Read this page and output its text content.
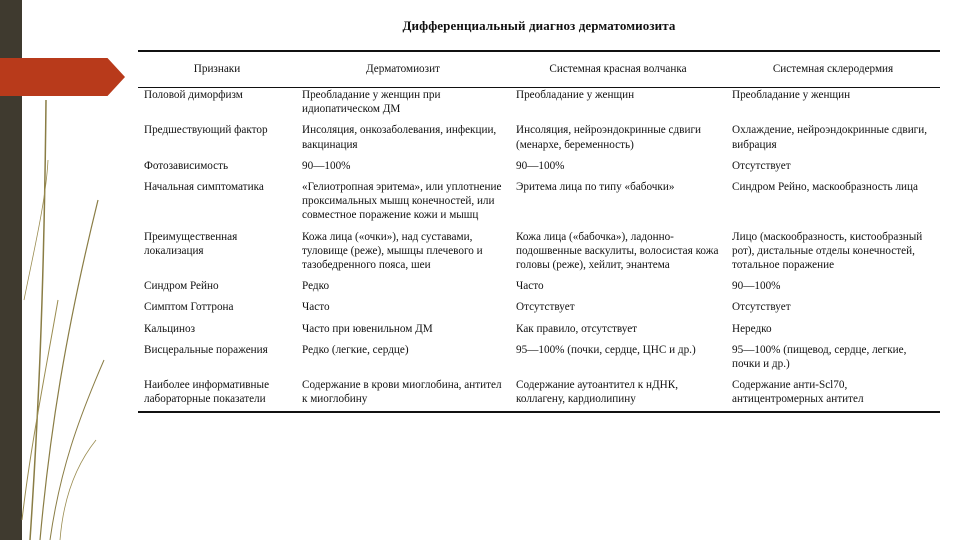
Дифференциальный диагноз дерматомиозита
Признаки	Дерматомиозит	Системная красная волчанка	Системная склеродермия
Половой диморфизм	Преобладание у женщин при идиопатическом ДМ	Преобладание у женщин	Преобладание у женщин
Предшествующий фактор	Инсоляция, онкозаболевания, инфекции, вакцинация	Инсоляция, нейроэндокринные сдвиги (менархе, беременность)	Охлаждение, нейроэндокринные сдвиги, вибрация
Фотозависимость	90—100%	90—100%	Отсутствует
Начальная симптоматика	«Гелиотропная эритема», или уплотнение проксимальных мышц конечностей, или совместное поражение кожи и мышц	Эритема лица по типу «бабочки»	Синдром Рейно, маскообразность лица
Преимущественная локализация	Кожа лица («очки»), над суставами, туловище (реже), мышцы плечевого и тазобедренного пояса, шеи	Кожа лица («бабочка»), ладонно-подошвенные васкулиты, волосистая кожа головы (реже), хейлит, энантема	Лицо (маскообразность, кистообразный рот), дистальные отделы конечностей, тотальное поражение
Синдром Рейно	Редко	Часто	90—100%
Симптом Готтрона	Часто	Отсутствует	Отсутствует
Кальциноз	Часто при ювенильном ДМ	Как правило, отсутствует	Нередко
Висцеральные поражения	Редко (легкие, сердце)	95—100% (почки, сердце, ЦНС и др.)	95—100% (пищевод, сердце, легкие, почки и др.)
Наиболее информативные лабораторные показатели	Содержание в крови миоглобина, антител к миоглобину	Содержание аутоантител к нДНК, коллагену, кардиолипину	Содержание анти-Scl70, антицентромерных антител
